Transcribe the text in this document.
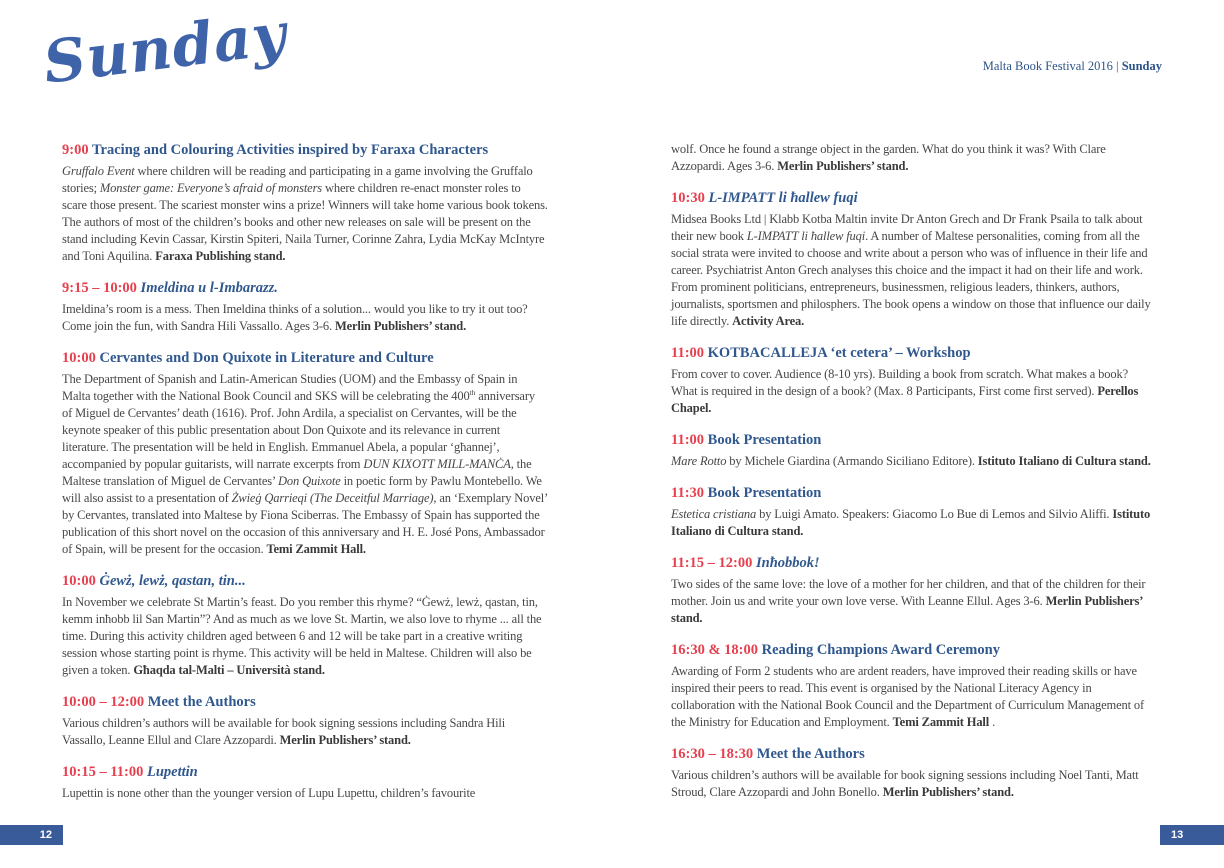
Sunday	Malta Book Festival 2016 | Sunday
9:00 Tracing and Colouring Activities inspired by Faraxa Characters

Gruffalo Event where children will be reading and participating in a game involving the Gruffalo stories; Monster game: Everyone’s afraid of monsters where children re-enact monster roles to scare those present. The scariest monster wins a prize! Winners will take home various book tokens. The authors of most of the children’s books and other new releases on sale will be present on the stand including Kevin Cassar, Kirstin Spiteri, Naila Turner, Corinne Zahra, Lydia McKay McIntyre and Toni Aquilina. Faraxa Publishing stand.

9:15 – 10:00 Imeldina u l-Imbarazz.

Imeldina’s room is a mess. Then Imeldina thinks of a solution... would you like to try it out too? Come join the fun, with Sandra Hili Vassallo. Ages 3-6. Merlin Publishers’ stand.

10:00 Cervantes and Don Quixote in Literature and Culture

The Department of Spanish and Latin-American Studies (UOM) and the Embassy of Spain in Malta together with the National Book Council and SKS will be celebrating the 400th anniversary of Miguel de Cervantes’ death (1616). Prof. John Ardila, a specialist on Cervantes, will be the keynote speaker of this public presentation about Don Quixote and its relevance in current literature. The presentation will be held in English. Emmanuel Abela, a popular ‘għannej’, accompanied by popular guitarists, will narrate excerpts from DUN KIXOTT MILL-MANĊA, the Maltese translation of Miguel de Cervantes’ Don Quixote in poetic form by Pawlu Montebello. We will also assist to a presentation of Żwieġ Qarrieqi (The Deceitful Marriage), an ‘Exemplary Novel’ by Cervantes, translated into Maltese by Fiona Sciberras. The Embassy of Spain has supported the publication of this short novel on the occasion of this anniversary and H. E. José Pons, Ambassador of Spain, will be present for the occasion. Temi Zammit Hall.

10:00 Ġewż, lewż, qastan, tin...

In November we celebrate St Martin’s feast. Do you rember this rhyme? “Ġewż, lewż, qastan, tin, kemm inħobb lil San Martin”? And as much as we love St. Martin, we also love to rhyme ... all the time. During this activity children aged between 6 and 12 will be take part in a creative writing session whose starting point is rhyme. This activity will be held in Maltese. Children will also be given a token. Għaqda tal-Malti – Università stand.

10:00 – 12:00 Meet the Authors

Various children’s authors will be available for book signing sessions including Sandra Hili Vassallo, Leanne Ellul and Clare Azzopardi. Merlin Publishers’ stand.

10:15 – 11:00 Lupettin

Lupettin is none other than the younger version of Lupu Lupettu, children’s favourite

wolf. Once he found a strange object in the garden. What do you think it was? With Clare Azzopardi. Ages 3-6. Merlin Publishers’ stand.

10:30 L-IMPATT li ħallew fuqi

Midsea Books Ltd | Klabb Kotba Maltin invite Dr Anton Grech and Dr Frank Psaila to talk about their new book L-IMPATT li ħallew fuqi. A number of Maltese personalities, coming from all the social strata were invited to choose and write about a person who was of influence in their life and career. Psychiatrist Anton Grech analyses this choice and the impact it had on their life and work. From prominent politicians, entrepreneurs, businessmen, religious leaders, thinkers, authors, journalists, sportsmen and philosphers. The book opens a window on those that influence our daily life directly. Activity Area.

11:00 KOTBACALLEJA ‘et cetera’ – Workshop

From cover to cover. Audience (8-10 yrs). Building a book from scratch. What makes a book? What is required in the design of a book? (Max. 8 Participants, First come first served). Perellos Chapel.

11:00 Book Presentation

Mare Rotto by Michele Giardina (Armando Siciliano Editore). Istituto Italiano di Cultura stand.

11:30 Book Presentation

Estetica cristiana by Luigi Amato. Speakers: Giacomo Lo Bue di Lemos and Silvio Aliffi. Istituto Italiano di Cultura stand.

11:15 – 12:00 Inħobbok!

Two sides of the same love: the love of a mother for her children, and that of the children for their mother. Join us and write your own love verse. With Leanne Ellul. Ages 3-6. Merlin Publishers’ stand.

16:30 & 18:00 Reading Champions Award Ceremony

Awarding of Form 2 students who are ardent readers, have improved their reading skills or have inspired their peers to read. This event is organised by the National Literacy Agency in collaboration with the National Book Council and the Department of Curriculum Management of the Ministry for Education and Employment. Temi Zammit Hall .

16:30 – 18:30 Meet the Authors

Various children’s authors will be available for book signing sessions including Noel Tanti, Matt Stroud, Clare Azzopardi and John Bonello. Merlin Publishers’ stand.

12	13
